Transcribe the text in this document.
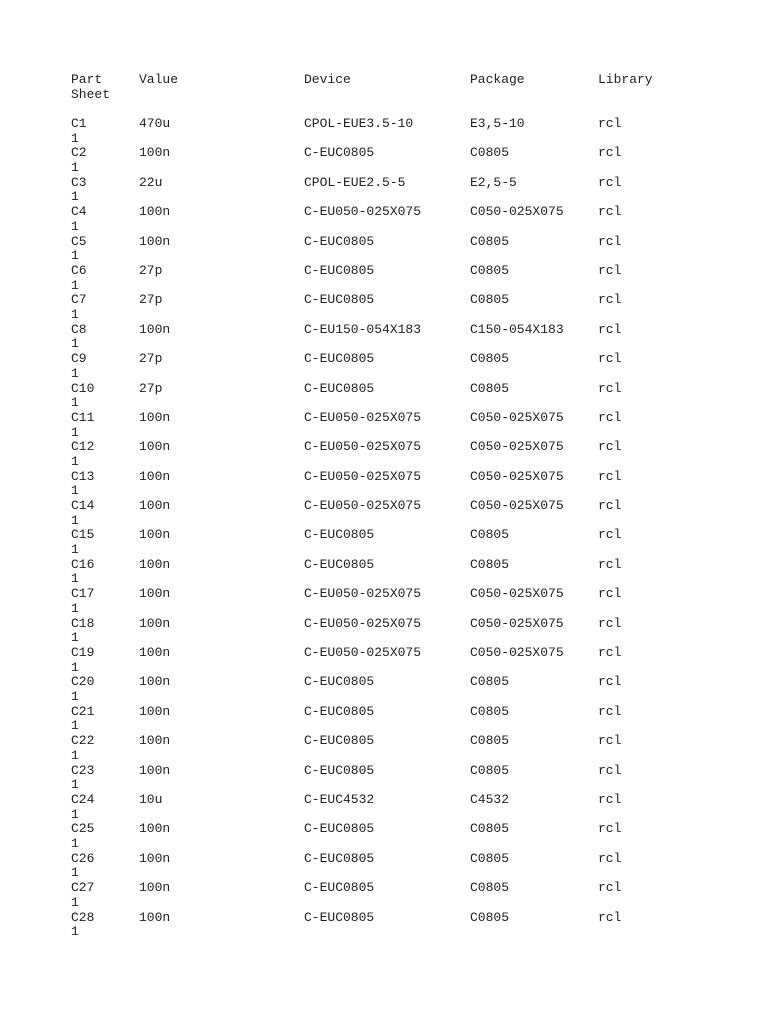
Part	Value	Device	Package	Library
Sheet
C1	470u	CPOL-EUE3.5-10	E3,5-10	rcl
1
C2	100n	C-EUC0805	C0805	rcl
1
C3	22u	CPOL-EUE2.5-5	E2,5-5	rcl
1
C4	100n	C-EU050-025X075	C050-025X075	rcl
1
C5	100n	C-EUC0805	C0805	rcl
1
C6	27p	C-EUC0805	C0805	rcl
1
C7	27p	C-EUC0805	C0805	rcl
1
C8	100n	C-EU150-054X183	C150-054X183	rcl
1
C9	27p	C-EUC0805	C0805	rcl
1
C10	27p	C-EUC0805	C0805	rcl
1
C11	100n	C-EU050-025X075	C050-025X075	rcl
1
C12	100n	C-EU050-025X075	C050-025X075	rcl
1
C13	100n	C-EU050-025X075	C050-025X075	rcl
1
C14	100n	C-EU050-025X075	C050-025X075	rcl
1
C15	100n	C-EUC0805	C0805	rcl
1
C16	100n	C-EUC0805	C0805	rcl
1
C17	100n	C-EU050-025X075	C050-025X075	rcl
1
C18	100n	C-EU050-025X075	C050-025X075	rcl
1
C19	100n	C-EU050-025X075	C050-025X075	rcl
1
C20	100n	C-EUC0805	C0805	rcl
1
C21	100n	C-EUC0805	C0805	rcl
1
C22	100n	C-EUC0805	C0805	rcl
1
C23	100n	C-EUC0805	C0805	rcl
1
C24	10u	C-EUC4532	C4532	rcl
1
C25	100n	C-EUC0805	C0805	rcl
1
C26	100n	C-EUC0805	C0805	rcl
1
C27	100n	C-EUC0805	C0805	rcl
1
C28	100n	C-EUC0805	C0805	rcl
1
